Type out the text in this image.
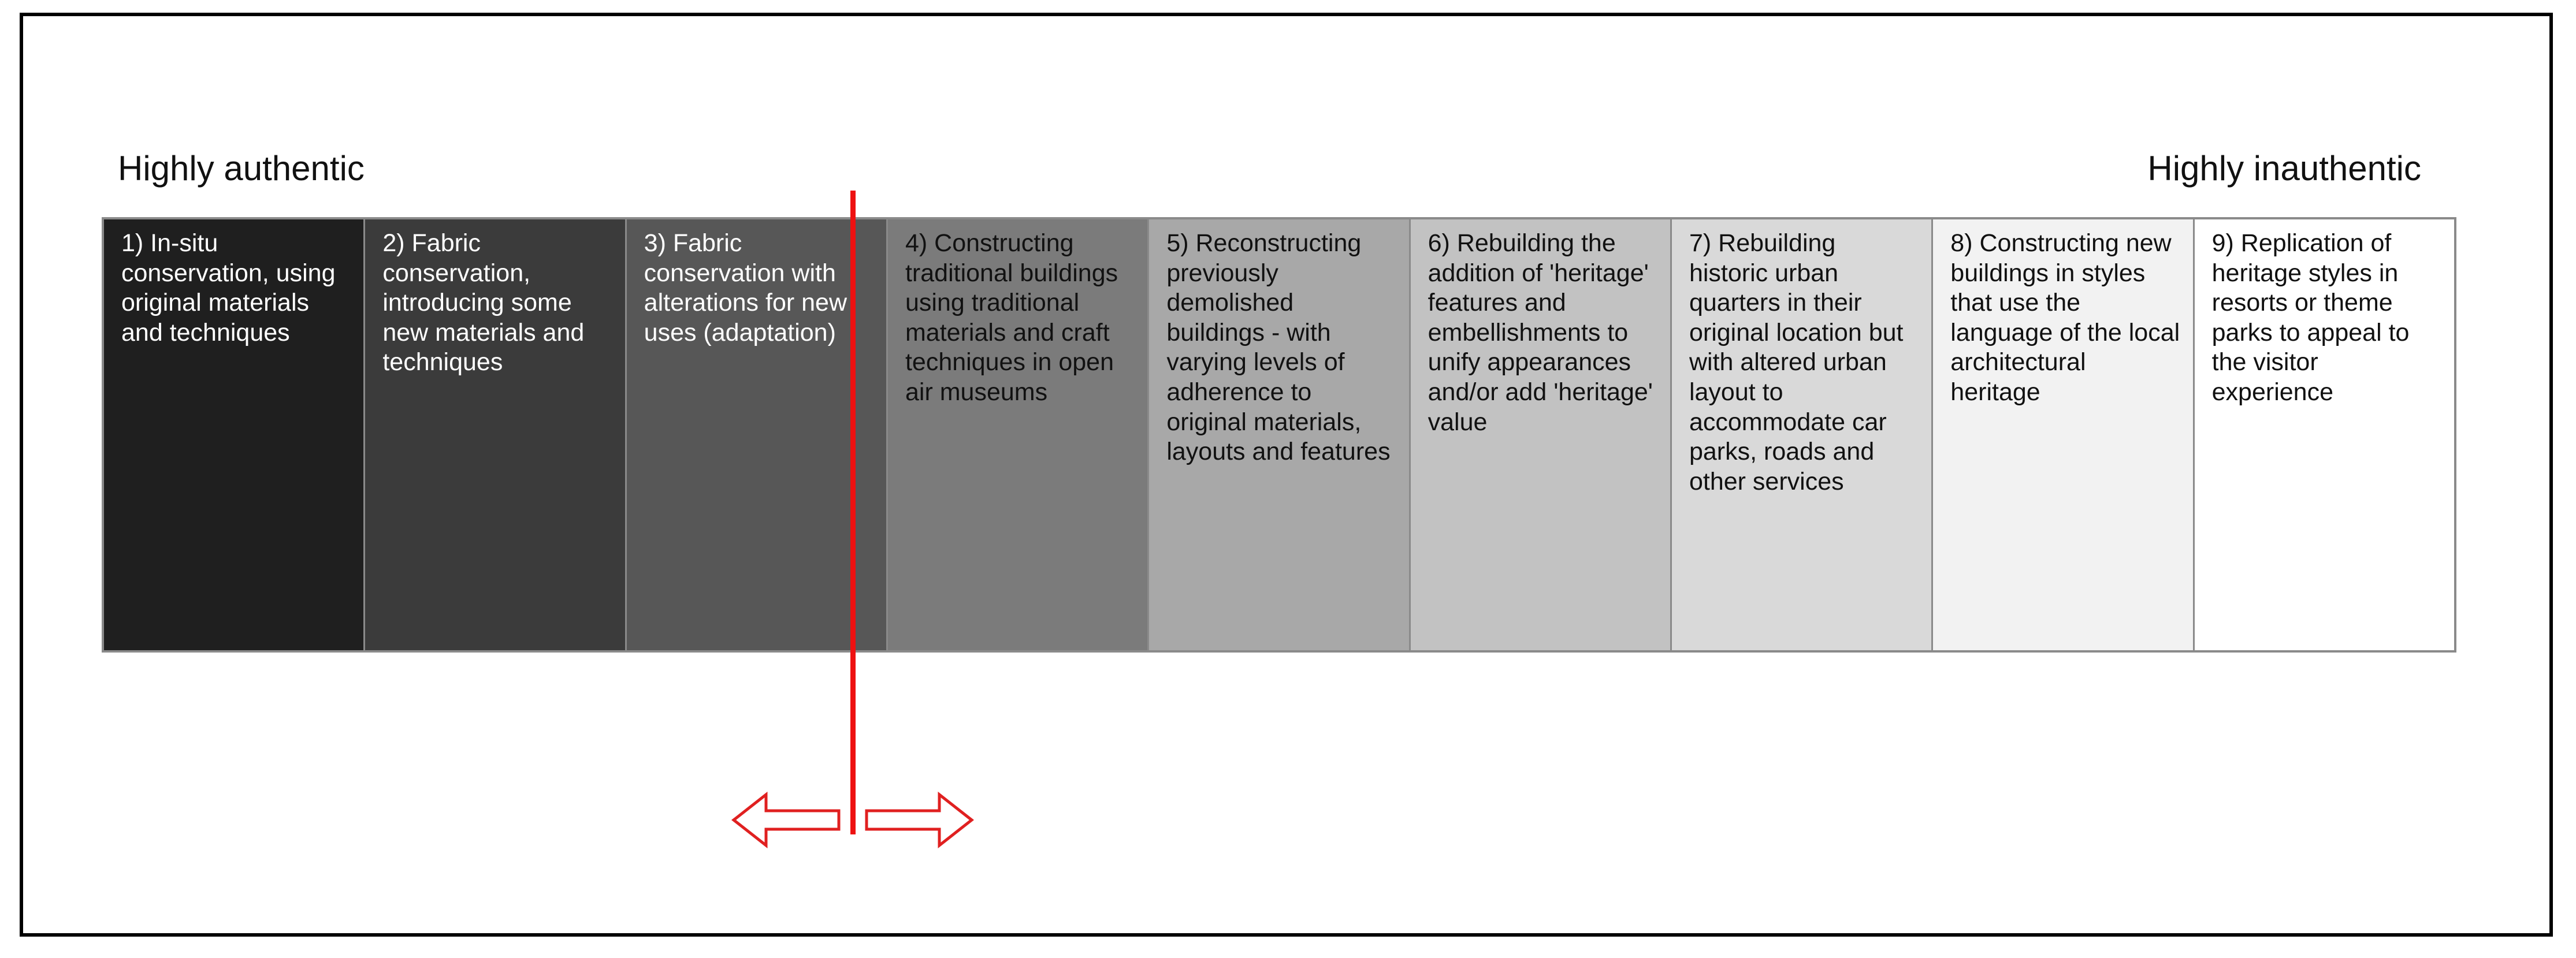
Highly authentic	Highly inauthentic
1) In-situ conservation, using original materials and techniques
2) Fabric conservation, introducing some new materials and techniques
3) Fabric conservation with alterations for new uses (adaptation)
4) Constructing traditional buildings using traditional materials and craft techniques in open air museums
5) Reconstructing previously demolished buildings - with varying levels of adherence to original materials, layouts and features
6) Rebuilding the addition of 'heritage' features and embellishments to unify appearances and/or add 'heritage' value
7) Rebuilding historic urban quarters in their original location but with altered urban layout to accommodate car parks, roads and other services
8) Constructing new buildings in styles that use the language of the local architectural heritage
9) Replication of heritage styles in resorts or theme parks to appeal to the visitor experience
